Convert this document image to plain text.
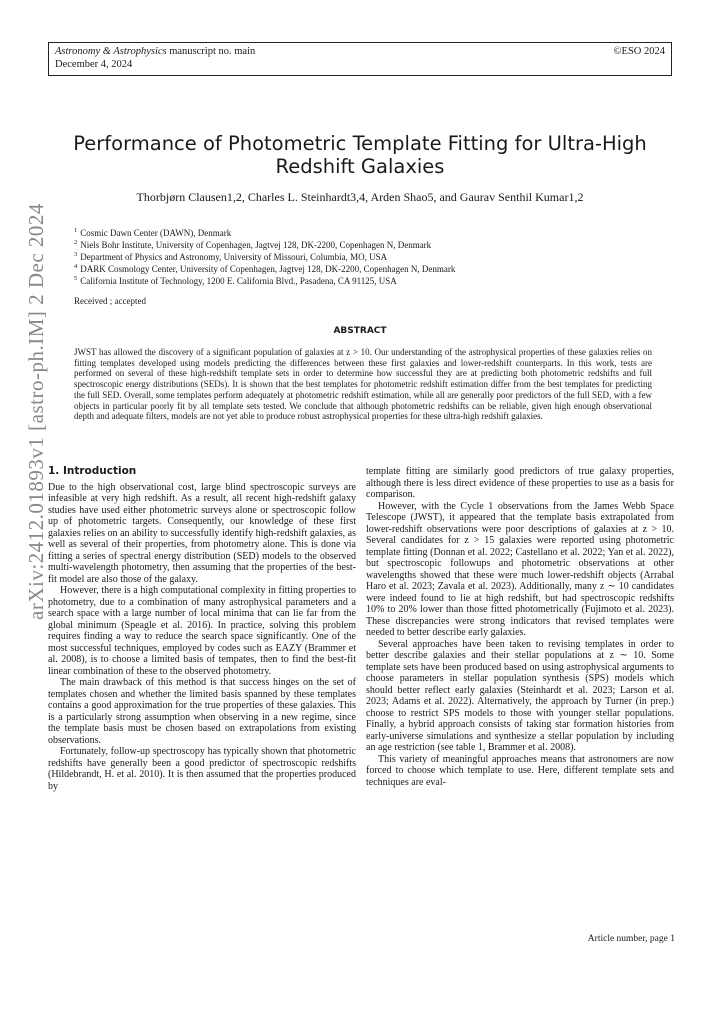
Astronomy & Astrophysics manuscript no. main
December 4, 2024
©ESO 2024
arXiv:2412.01893v1 [astro-ph.IM] 2 Dec 2024
Performance of Photometric Template Fitting for Ultra-High
Redshift Galaxies
Thorbjørn Clausen1,2, Charles L. Steinhardt3,4, Arden Shao5, and Gaurav Senthil Kumar1,2
$^1$ Cosmic Dawn Center (DAWN), Denmark
$^2$ Niels Bohr Institute, University of Copenhagen, Jagtvej 128, DK-2200, Copenhagen N, Denmark
$^3$ Department of Physics and Astronomy, University of Missouri, Columbia, MO, USA
$^4$ DARK Cosmology Center, University of Copenhagen, Jagtvej 128, DK-2200, Copenhagen N, Denmark
$^5$ California Institute of Technology, 1200 E. California Blvd., Pasadena, CA 91125, USA
Received ; accepted
ABSTRACT
JWST has allowed the discovery of a significant population of galaxies at z > 10. Our understanding of the astrophysical properties of these galaxies relies on fitting templates developed using models predicting the differences between these first galaxies and lower-redshift counterparts. In this work, tests are performed on several of these high-redshift template sets in order to determine how successful they are at predicting both photometric redshifts and full spectroscopic energy distributions (SEDs). It is shown that the best templates for photometric redshift estimation differ from the best templates for predicting the full SED. Overall, some templates perform adequately at photometric redshift estimation, while all are generally poor predictors of the full SED, with a few objects in particular poorly fit by all template sets tested. We conclude that although photometric redshifts can be reliable, given high enough observational depth and adequate filters, models are not yet able to produce robust astrophysical properties for these ultra-high redshift galaxies.
1. Introduction

Due to the high observational cost, large blind spectroscopic surveys are infeasible at very high redshift. As a result, all recent high-redshift galaxy studies have used either photometric surveys alone or spectroscopic follow up of photometric targets. Consequently, our knowledge of these first galaxies relies on an ability to successfully identify high-redshift galaxies, as well as several of their properties, from photometry alone. This is done via fitting a series of spectral energy distribution (SED) models to the observed multi-wavelength photometry, then assuming that the properties of the best-fit model are also those of the galaxy.

However, there is a high computational complexity in fitting properties to photometry, due to a combination of many astrophysical parameters and a search space with a large number of local minima that can lie far from the global minimum (Speagle et al. 2016). In practice, solving this problem requires finding a way to reduce the search space significantly. One of the most successful techniques, employed by codes such as EAZY (Brammer et al. 2008), is to choose a limited basis of tempates, then to find the best-fit linear combination of these to the observed photometry.

The main drawback of this method is that success hinges on the set of templates chosen and whether the limited basis spanned by these templates contains a good approximation for the true properties of these galaxies. This is a particularly strong assumption when observing in a new regime, since the template basis must be chosen based on extrapolations from existing observations.

Fortunately, follow-up spectroscopy has typically shown that photometric redshifts have generally been a good predictor of spectroscopic redshifts (Hildebrandt, H. et al. 2010). It is then assumed that the properties produced by

template fitting are similarly good predictors of true galaxy properties, although there is less direct evidence of these properties to use as a basis for comparison.

However, with the Cycle 1 observations from the James Webb Space Telescope (JWST), it appeared that the template basis extrapolated from lower-redshift observations were poor descriptions of galaxies at z > 10. Several candidates for z > 15 galaxies were reported using photometric template fitting (Donnan et al. 2022; Castellano et al. 2022; Yan et al. 2022), but spectroscopic followups and photometric observations at other wavelengths showed that these were much lower-redshift objects (Arrabal Haro et al. 2023; Zavala et al. 2023). Additionally, many z ∼ 10 candidates were indeed found to lie at high redshift, but had spectroscopic redshifts 10% to 20% lower than those fitted photometrically (Fujimoto et al. 2023). These discrepancies were strong indicators that revised templates were needed to better describe early galaxies.

Several approaches have been taken to revising templates in order to better describe galaxies and their stellar populations at z ∼ 10. Some template sets have been produced based on using astrophysical arguments to choose parameters in stellar population synthesis (SPS) models which should better reflect early galaxies (Steinhardt et al. 2023; Larson et al. 2023; Adams et al. 2022). Alternatively, the approach by Turner (in prep.) choose to restrict SPS models to those with younger stellar populations. Finally, a hybrid approach consists of taking star formation histories from early-universe simulations and synthesize a stellar population by including an age restriction (see table 1, Brammer et al. 2008).

This variety of meaningful approaches means that astronomers are now forced to choose which template to use. Here, different template sets and techniques are eval-

Article number, page 1
